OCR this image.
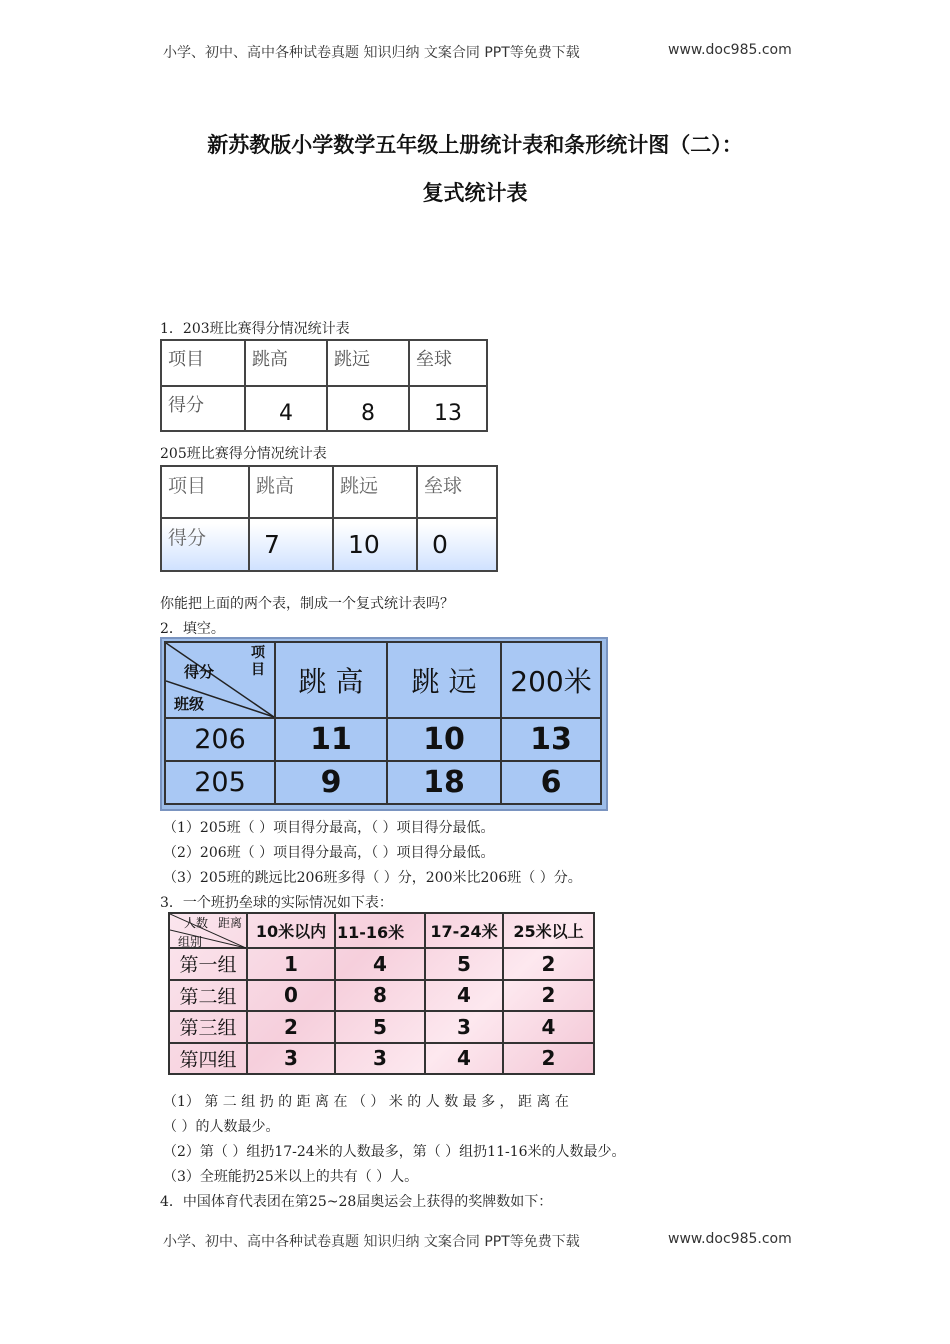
小学、初中、高中各种试卷真题 知识归纳 文案合同 PPT等免费下载	www.doc985.com
小学、初中、高中各种试卷真题 知识归纳 文案合同 PPT等免费下载	www.doc985.com
新苏教版小学数学五年级上册统计表和条形统计图（二）：
复式统计表
1．203班比赛得分情况统计表
项目	跳高	跳远	垒球
得分	4	8	13
205班比赛得分情况统计表
项目	跳高	跳远	垒球
得分	7	10	0
你能把上面的两个表，制成一个复式统计表吗？
2．填空。
项目
得分
班级	跳 高	跳 远	200米
206	11	10	13
205	9	18	6
（1）205班（ ）项目得分最高，（ ）项目得分最低。
（2）206班（ ）项目得分最高，（ ）项目得分最低。
（3）205班的跳远比206班多得（ ）分，200米比206班（ ）分。
3．一个班扔垒球的实际情况如下表：
人数 距离
组别	10米以内	11-16米	17-24米	25米以上
第一组	1	4	5	2
第二组	0	8	4	2
第三组	2	5	3	4
第四组	3	3	4	2
（1） 第 二 组 扔 的 距 离 在 （ ） 米 的 人 数 最 多 ， 距 离 在
（ ）的人数最少。
（2）第（ ）组扔17-24米的人数最多，第（ ）组扔11-16米的人数最少。
（3）全班能扔25米以上的共有（ ）人。
4．中国体育代表团在第25~28届奥运会上获得的奖牌数如下：
